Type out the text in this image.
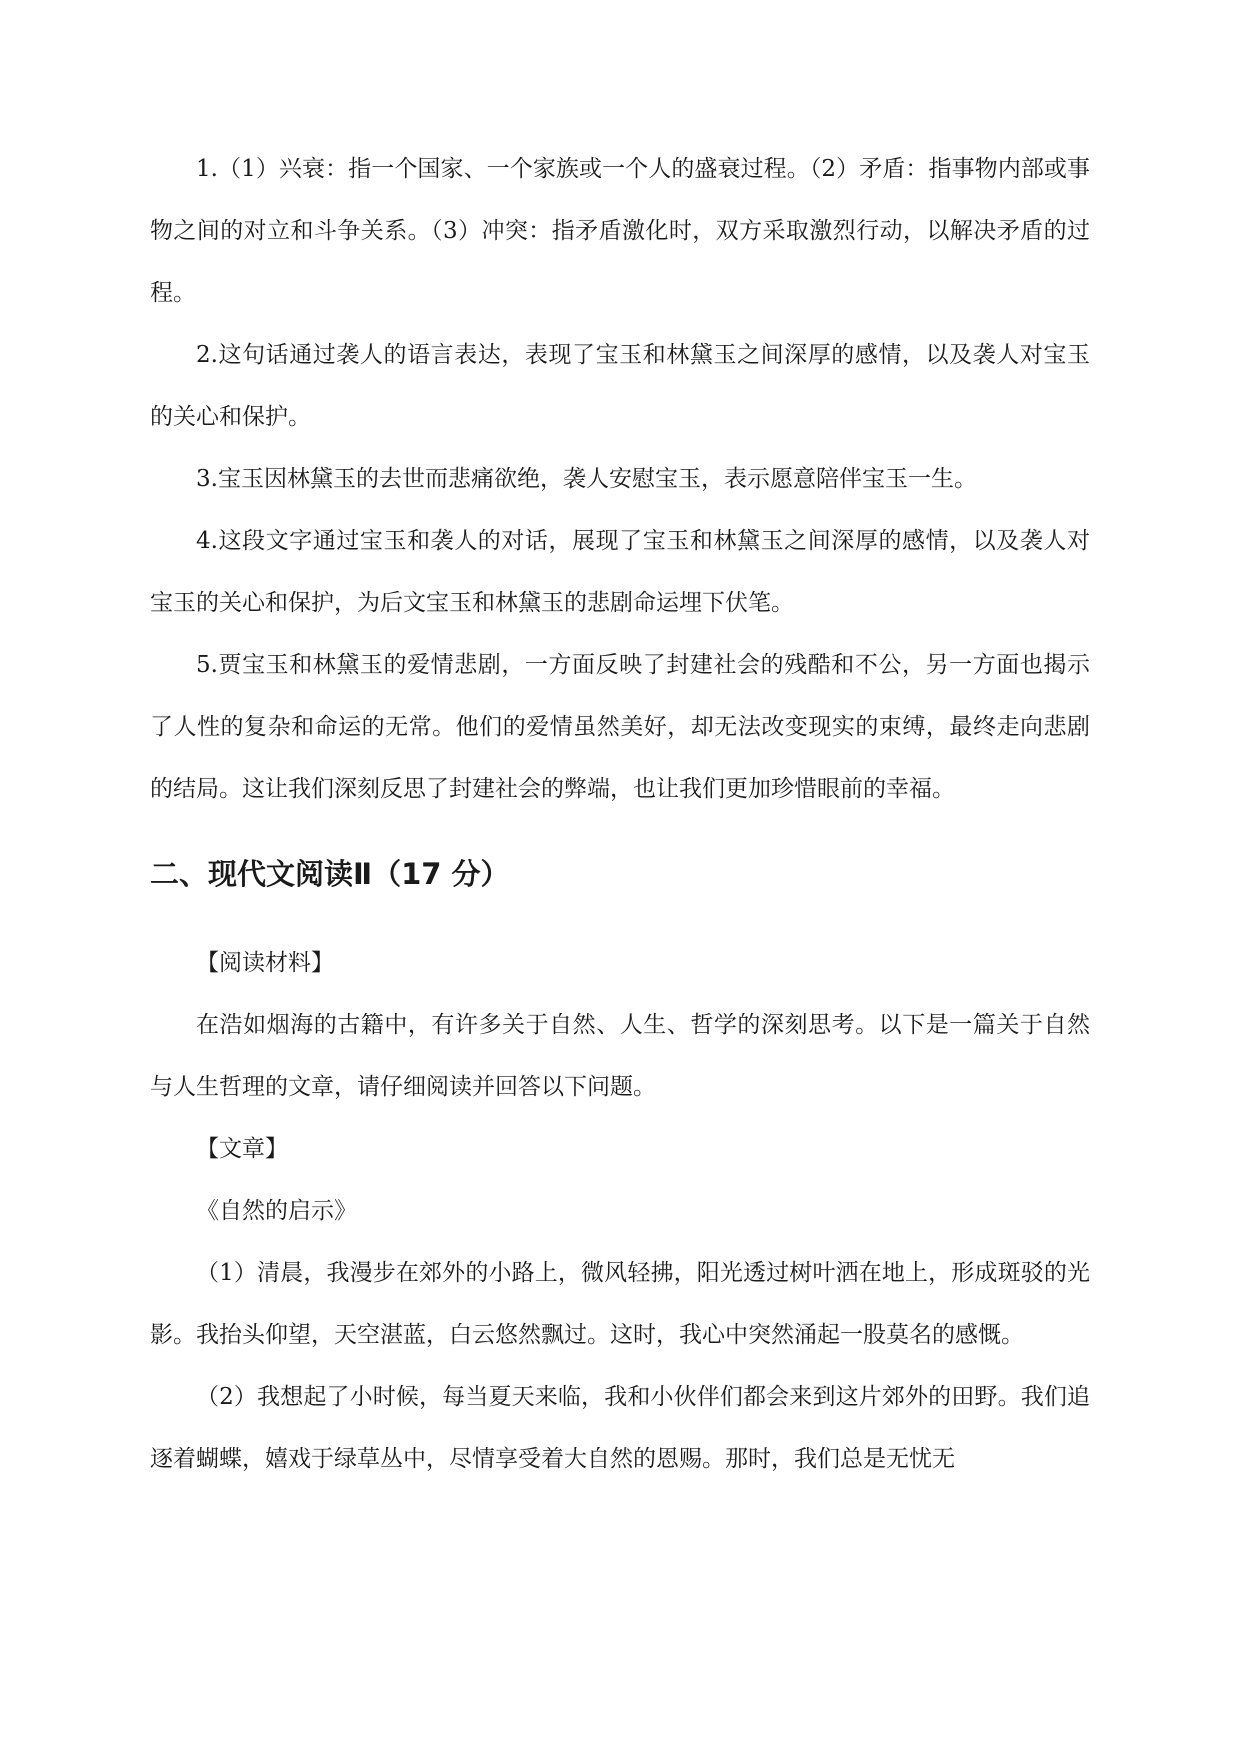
1.（1）兴衰：指一个国家、一个家族或一个人的盛衰过程。（2）矛盾：指事物内部或事物之间的对立和斗争关系。（3）冲突：指矛盾激化时，双方采取激烈行动，以解决矛盾的过程。

2.这句话通过袭人的语言表达，表现了宝玉和林黛玉之间深厚的感情，以及袭人对宝玉的关心和保护。

3.宝玉因林黛玉的去世而悲痛欲绝，袭人安慰宝玉，表示愿意陪伴宝玉一生。

4.这段文字通过宝玉和袭人的对话，展现了宝玉和林黛玉之间深厚的感情，以及袭人对宝玉的关心和保护，为后文宝玉和林黛玉的悲剧命运埋下伏笔。

5.贾宝玉和林黛玉的爱情悲剧，一方面反映了封建社会的残酷和不公，另一方面也揭示了人性的复杂和命运的无常。他们的爱情虽然美好，却无法改变现实的束缚，最终走向悲剧的结局。这让我们深刻反思了封建社会的弊端，也让我们更加珍惜眼前的幸福。

二、现代文阅读Ⅱ（17 分）

【阅读材料】

在浩如烟海的古籍中，有许多关于自然、人生、哲学的深刻思考。以下是一篇关于自然与人生哲理的文章，请仔细阅读并回答以下问题。

【文章】

《自然的启示》

（1）清晨，我漫步在郊外的小路上，微风轻拂，阳光透过树叶洒在地上，形成斑驳的光影。我抬头仰望，天空湛蓝，白云悠然飘过。这时，我心中突然涌起一股莫名的感慨。

（2）我想起了小时候，每当夏天来临，我和小伙伴们都会来到这片郊外的田野。我们追逐着蝴蝶，嬉戏于绿草丛中，尽情享受着大自然的恩赐。那时，我们总是无忧无
